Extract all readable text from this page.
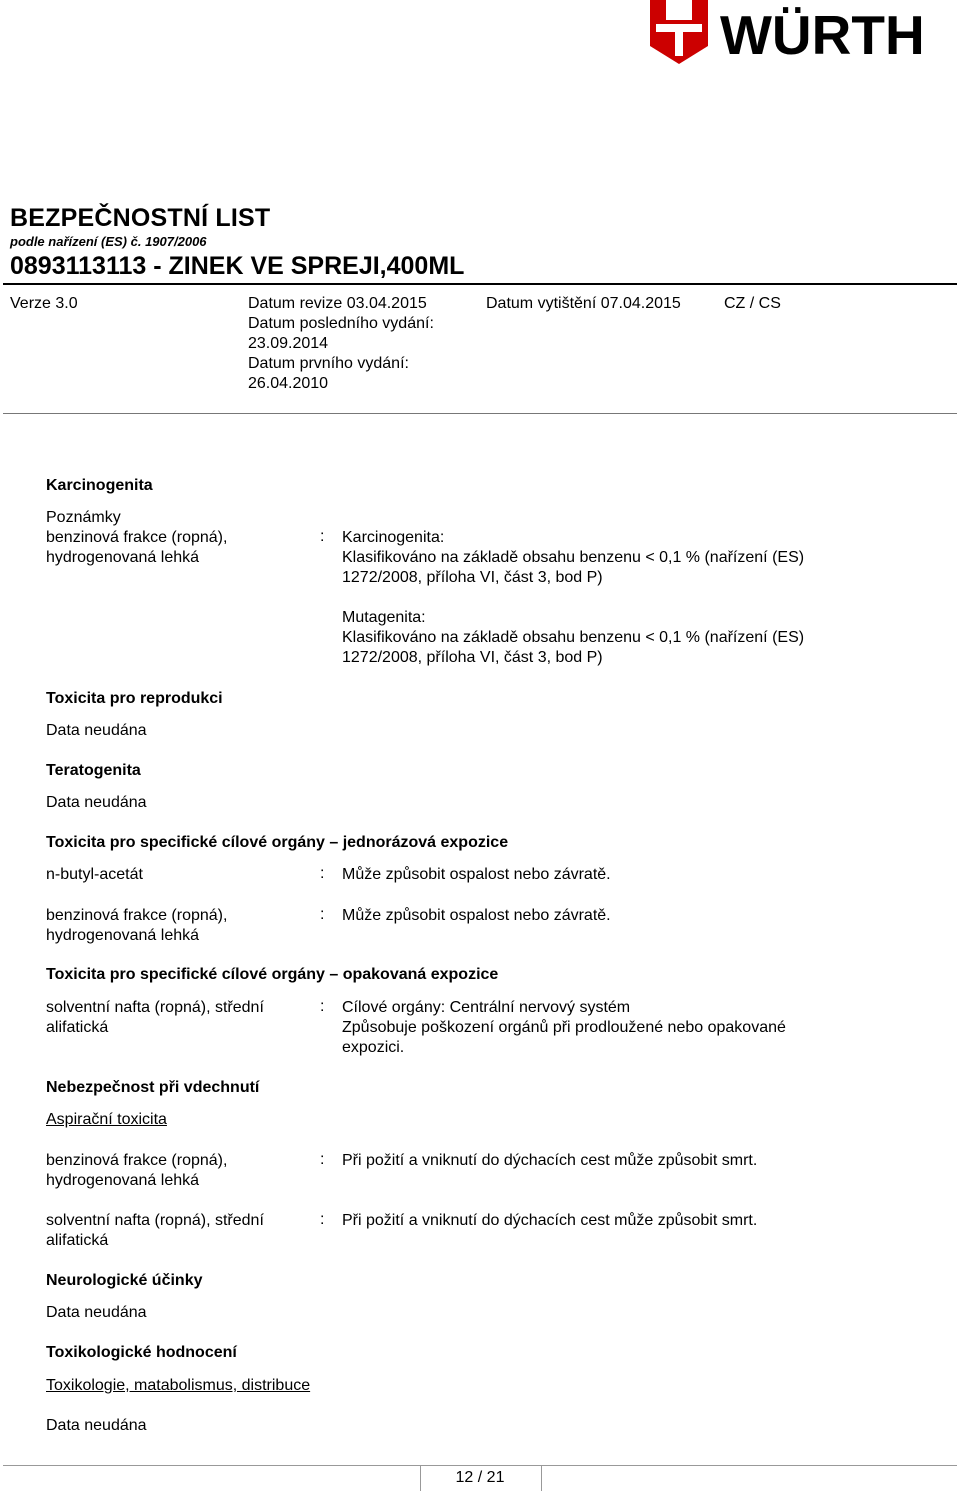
WÜRTH
BEZPEČNOSTNÍ LIST
podle nařízení (ES) č. 1907/2006
0893113113 - ZINEK VE SPREJI,400ML
Verze 3.0	Datum revize 03.04.2015
Datum posledního vydání:
23.09.2014
Datum prvního vydání:
26.04.2010
Datum vytištění 07.04.2015	CZ / CS
Karcinogenita
Poznámky
benzinová frakce (ropná),
hydrogenovaná lehká
: Karcinogenita:
Klasifikováno na základě obsahu benzenu < 0,1 % (nařízení (ES)
1272/2008, příloha VI, část 3, bod P)
Mutagenita:
Klasifikováno na základě obsahu benzenu < 0,1 % (nařízení (ES)
1272/2008, příloha VI, část 3, bod P)
Toxicita pro reprodukci
Data neudána
Teratogenita
Data neudána
Toxicita pro specifické cílové orgány – jednorázová expozice
n-butyl-acetát	: Může způsobit ospalost nebo závratě.
benzinová frakce (ropná),
hydrogenovaná lehká
: Může způsobit ospalost nebo závratě.
Toxicita pro specifické cílové orgány – opakovaná expozice
solventní nafta (ropná), střední
alifatická
: Cílové orgány: Centrální nervový systém
Způsobuje poškození orgánů při prodloužené nebo opakované
expozici.
Nebezpečnost při vdechnutí
Aspirační toxicita
benzinová frakce (ropná),
hydrogenovaná lehká
: Při požití a vniknutí do dýchacích cest může způsobit smrt.
solventní nafta (ropná), střední
alifatická
: Při požití a vniknutí do dýchacích cest může způsobit smrt.
Neurologické účinky
Data neudána
Toxikologické hodnocení
Toxikologie, matabolismus, distribuce
Data neudána
12 / 21
